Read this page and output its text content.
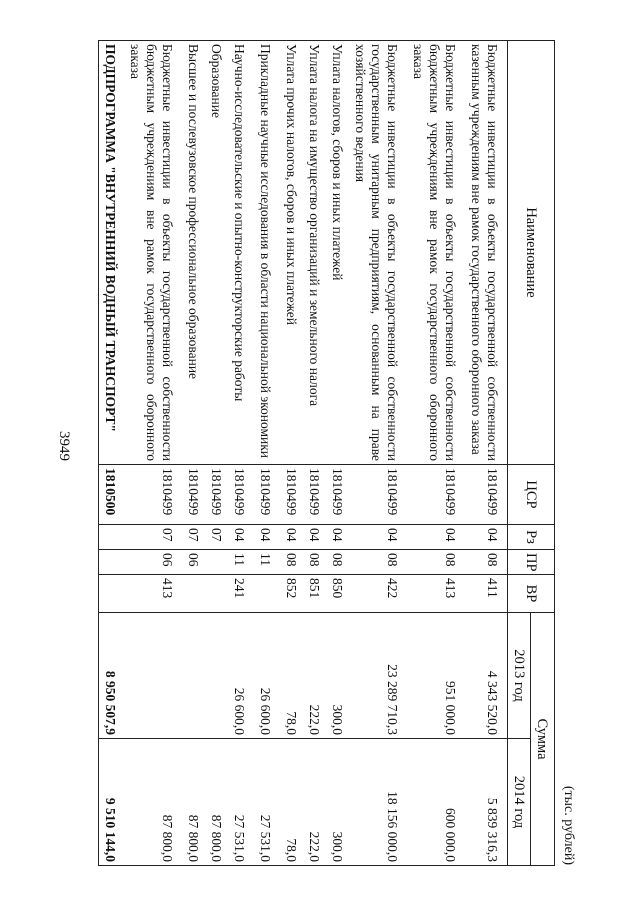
3949
(тыс. рублей)
Наименование	ЦСР	Рз	ПР	ВР	Сумма	
					2013 год	2014 год

Бюджетные инвестиции в объекты государственной собственности казенным учреждениям вне рамок государственного оборонного заказа	1810499	04	08	411	4 343 520,0	5 839 316,3

Бюджетные инвестиции в объекты государственной собственности бюджетным учреждениям вне рамок государственного оборонного заказа	1810499	04	08	413	951 000,0	600 000,0

Бюджетные инвестиции в объекты государственной собственности государственным унитарным предприятиям, основанным на праве хозяйственного ведения	1810499	04	08	422	23 289 710,3	18 156 000,0

Уплата налогов, сборов и иных платежей	1810499	04	08	850	300,0	300,0

Уплата налога на имущество организаций и земельного налога	1810499	04	08	851	222,0	222,0

Уплата прочих налогов, сборов и иных платежей	1810499	04	08	852	78,0	78,0

Прикладные научные исследования в области национальной экономики	1810499	04	11		26 600,0	27 531,0

Научно-исследовательские и опытно-конструкторские работы	1810499	04	11	241	26 600,0	27 531,0

Образование	1810499	07				87 800,0

Высшее и послевузовское профессиональное образование	1810499	07	06			87 800,0

Бюджетные инвестиции в объекты государственной собственности бюджетным учреждениям вне рамок государственного оборонного заказа	1810499	07	06	413		87 800,0

ПОДПРОГРАММА "ВНУТРЕННИЙ ВОДНЫЙ ТРАНСПОРТ"	1810500				8 950 507,9	9 510 144,0
